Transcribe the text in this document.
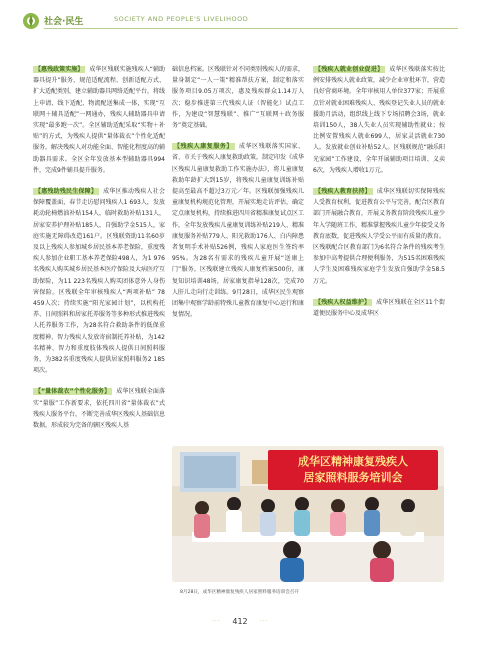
社会·民生	SOCIETY AND PEOPLE'S LIVELIHOOD

【惠残政策实施】 成华区残联实施残疾人“辅助器具提升”服务，规范适配流程、创新适配方式、扩大适配类别，建立辅助器具网络适配平台，将线上申请、线下适配、物流配送集成一体，实现“互联网＋辅具适配”一网通办，残疾人辅助器具申请实现“最多跑一次”。全区辅助适配采取“实物＋补贴”的方式，为残疾人提供“量体裁衣”个性化适配服务，解决残疾人对功能全面、智能化程度高的辅助器具需求。全区全年发放基本型辅助器具994件，完成9件辅具提升服务。

【惠残助残民生保障】 成华区推动残疾人社会保障覆盖面，春节走访慰问残疾人1 693人，发放耗动轮椅燃油补贴154人，临时救助补贴131人，居家安养护理补贴185人，自强助学金515人，家庭实施无障碍改造161户。区残联资助11名60岁及以上残疾人参加城乡居民基本养老保险，重度残疾人参加企业职工基本养老保险498人，为1 976名残疾人购买城乡居民基本医疗保险及大病医疗互助保险，为11 223名残疾人购买团体意外人身伤害保险。区残联全年审核残疾人“两项补贴” 78 459人次；持续实施“阳光家园计划”，以机构托养、日间照料和居家托养服务等多种形式推进残疾人托养服务工作，为28名符合救助条件的低保重度精神、智力残疾人发放寄宿制托养补贴，为142名精神、智力和重度肢体残疾人提供日间照料服务，为382名重度残疾人提供居家照料服务2 185项次。

【“量体裁衣”个性化服务】 成华区残联全面落实“量服”工作新要求，依托四川省“量体裁衣”式残疾人服务平台，不断完善成华区残疾人基础信息数据，形成较为完备的辖区残疾人基

础信息档案。区残联针对不同类别残疾人的需求，量身制定“一人一策”精准帮扶方案，制定和落实服务项目9.05万项次，惠及残疾群众1.14万人次；稳步推进第三代残疾人证（智能化）试点工作，为建设“智慧残联”、推广“互联网＋政务服务”奠定基础。

【残疾人康复服务】 成华区残联落实国家、省、市关于残疾人康复救助政策，制定印发《成华区残疾儿童康复救助工作实施办法》，将儿童康复救助年龄扩大到15岁，将残疾儿童康复训练补贴提高至最高不超过3万元／年。区残联加强残疾儿童康复机构规范化管理，开展实地走访评估，确定定点康复机构，持续推进四川省精准康复试点区工作，全年发放残疾儿童康复训练补贴219人、精准康复服务补贴779人、阳光救助176人、白内障患者复明手术补贴526例，残疾人家庭医生签约率95%。为28名有需求的残疾儿童开展“送康上门”服务。区残联建立残疾人康复档案500份，康复知识培训48场，居家康复指导128次，完成70人肝儿走向行走训练。9月28日，成华区民生观察团集中观察学龄前特殊儿童教育康复中心运行和康复情况。

【残疾人就业创业促进】 成华区残联落实按比例安排残疾人就业政策，减少企业审批环节，营造良好营商环境。全年审核用人单位377家；开展重点针对就业困难残疾人、残疾登记失业人员的就业援助月活动，组织线上线下专场招聘会3场，就业培训150人，38人失业人员实现辅助性就业；按比例安置残疾人就业699人，居家灵活就业730人。发放就业创业补贴52人。区残联规范“融乐阳光家园”工作建设，全年开展辅助项目培训、义卖6次，为残疾人增收1万元。

【残疾人教育扶持】 成华区残联切实保障残疾人受教育权利，促进教育公平与完善，配合区教育部门开展融合教育，开展义务教育阶段残疾儿童少年入学随班工作，精准掌握残疾儿童少年接受义务教育底数，促进残疾人学受公平而有质量的教育。区残联配合区教育部门为6名符合条件的残疾考生参加中高考提供合理便利服务，为515名困难残疾人学生及困难残疾家庭学生发放自强助学金58.5万元。

【残疾人权益维护】 成华区残联在全区11个街道便民服务中心及成华区

成华区精神康复残疾人
居家照料服务培训会
8月28日，成华区精神康复残疾人居家照料服务培训会召开
··· 412	···
